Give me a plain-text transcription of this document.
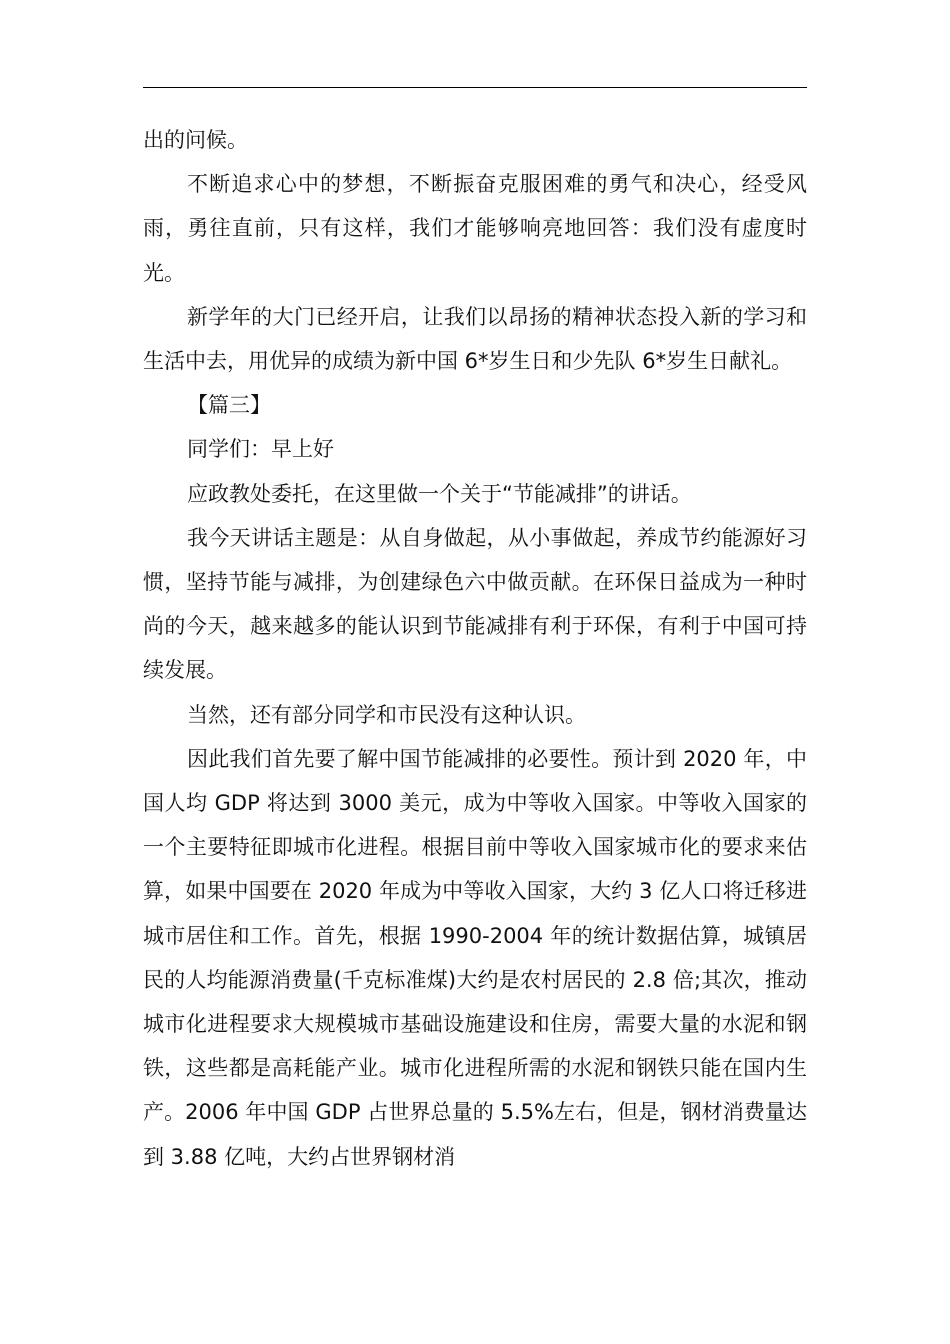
出的问候。

不断追求心中的梦想，不断振奋克服困难的勇气和决心，经受风雨，勇往直前，只有这样，我们才能够响亮地回答：我们没有虚度时光。

新学年的大门已经开启，让我们以昂扬的精神状态投入新的学习和生活中去，用优异的成绩为新中国 6*岁生日和少先队 6*岁生日献礼。

【篇三】

同学们：早上好

应政教处委托，在这里做一个关于“节能减排”的讲话。

我今天讲话主题是：从自身做起，从小事做起，养成节约能源好习惯，坚持节能与减排，为创建绿色六中做贡献。在环保日益成为一种时尚的今天，越来越多的能认识到节能减排有利于环保，有利于中国可持续发展。

当然，还有部分同学和市民没有这种认识。

因此我们首先要了解中国节能减排的必要性。预计到 2020 年，中国人均 GDP 将达到 3000 美元，成为中等收入国家。中等收入国家的一个主要特征即城市化进程。根据目前中等收入国家城市化的要求来估算，如果中国要在 2020 年成为中等收入国家，大约 3 亿人口将迁移进城市居住和工作。首先，根据 1990-2004 年的统计数据估算，城镇居民的人均能源消费量(千克标准煤)大约是农村居民的 2.8 倍;其次，推动城市化进程要求大规模城市基础设施建设和住房，需要大量的水泥和钢铁，这些都是高耗能产业。城市化进程所需的水泥和钢铁只能在国内生产。2006 年中国 GDP 占世界总量的 5.5%左右，但是，钢材消费量达到 3.88 亿吨，大约占世界钢材消
